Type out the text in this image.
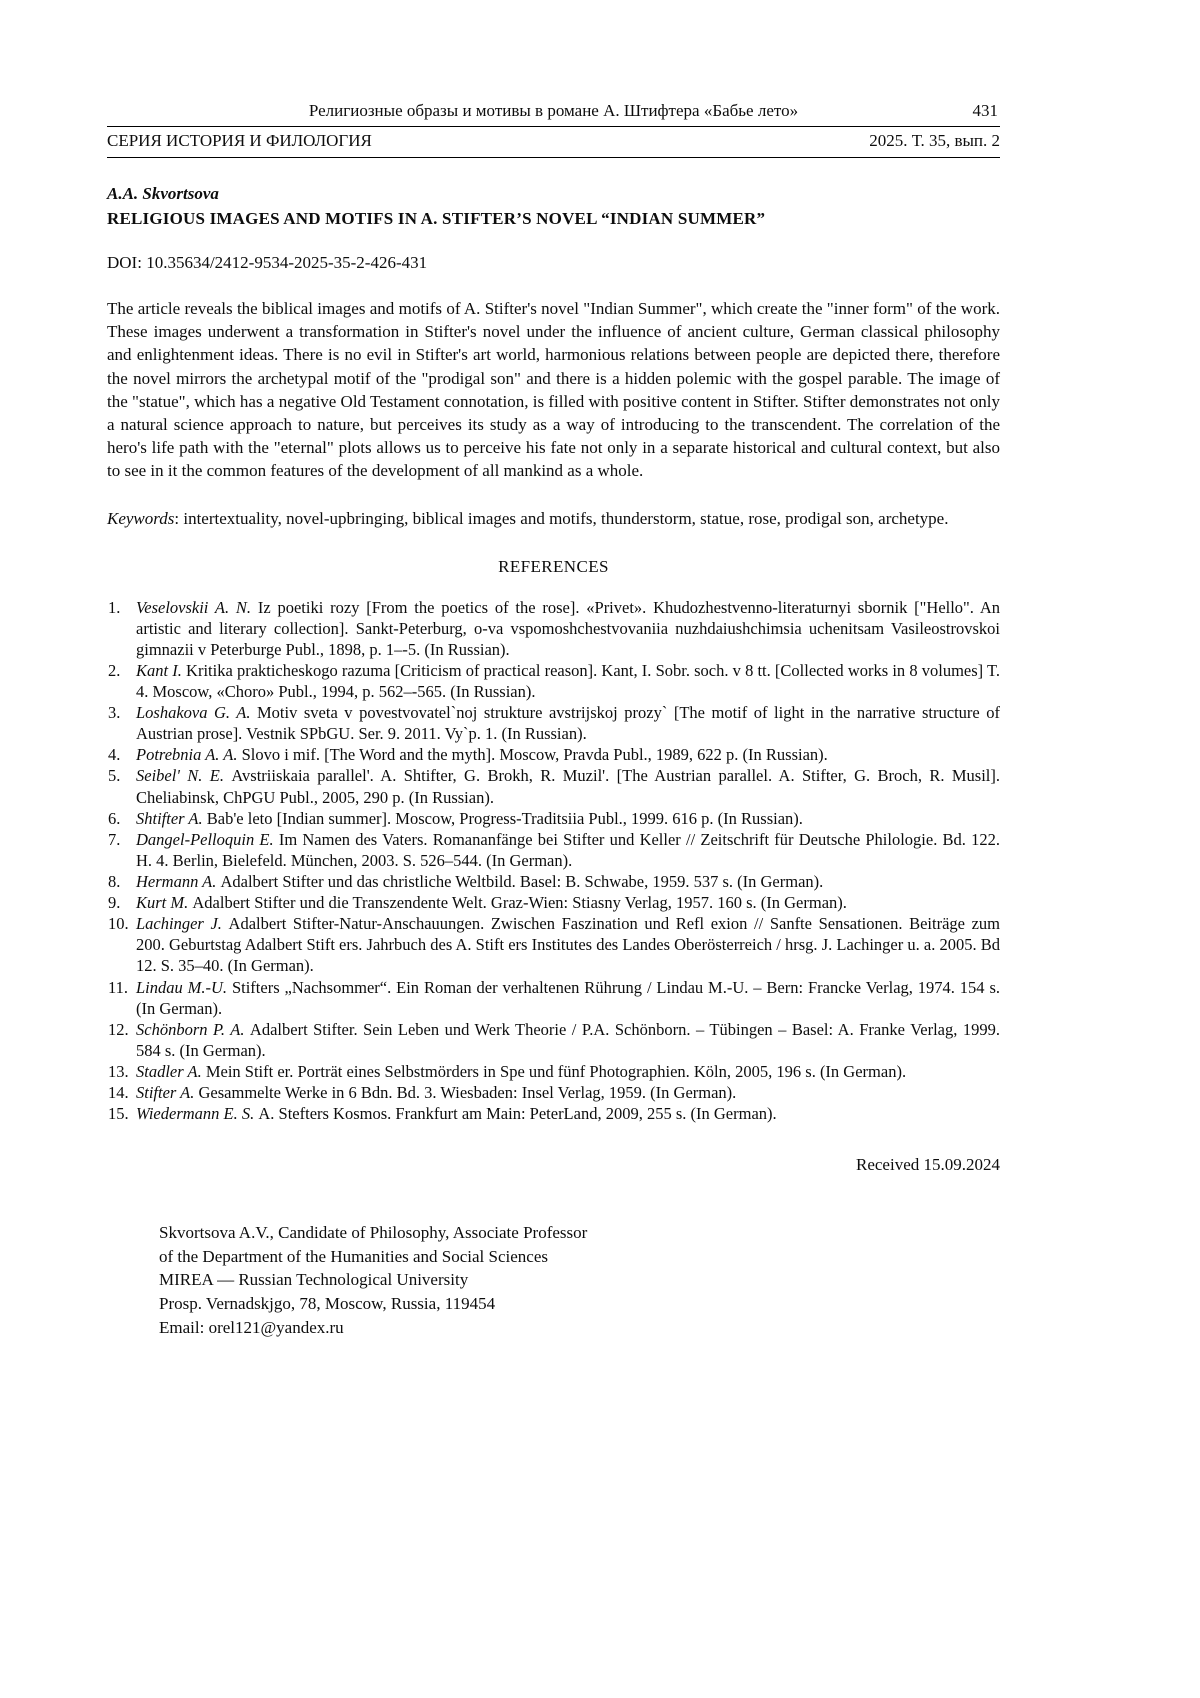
Религиозные образы и мотивы в романе А. Штифтера «Бабье лето»	431
СЕРИЯ ИСТОРИЯ И ФИЛОЛОГИЯ	2025. Т. 35, вып. 2

А.А. Skvortsova

RELIGIOUS IMAGES AND MOTIFS IN A. STIFTER’S NOVEL “INDIAN SUMMER”

DOI: 10.35634/2412-9534-2025-35-2-426-431

The article reveals the biblical images and motifs of A. Stifter's novel "Indian Summer", which create the "inner form" of the work. These images underwent a transformation in Stifter's novel under the influence of ancient culture, German classical philosophy and enlightenment ideas. There is no evil in Stifter's art world, harmonious relations between people are depicted there, therefore the novel mirrors the archetypal motif of the "prodigal son" and there is a hidden polemic with the gospel parable. The image of the "statue", which has a negative Old Testament connotation, is filled with positive content in Stifter. Stifter demonstrates not only a natural science approach to nature, but perceives its study as a way of introducing to the transcendent. The correlation of the hero's life path with the "eternal" plots allows us to perceive his fate not only in a separate historical and cultural context, but also to see in it the common features of the development of all mankind as a whole.

Keywords: intertextuality, novel-upbringing, biblical images and motifs, thunderstorm, statue, rose, prodigal son, archetype.

REFERENCES
Veselovskii A. N. Iz poetiki rozy [From the poetics of the rose]. «Privet». Khudozhestvenno-literaturnyi sbornik ["Hello". An artistic and literary collection]. Sankt-Peterburg, o-va vspomoshchestvovaniia nuzhdaiushchimsia uchenitsam Vasileostrovskoi gimnazii v Peterburge Publ., 1898, p. 1–-5. (In Russian).
Kant I. Kritika prakticheskogo razuma [Criticism of practical reason]. Kant, I. Sobr. soch. v 8 tt. [Collected works in 8 volumes] T. 4. Moscow, «Choro» Publ., 1994, p. 562–-565. (In Russian).
Loshakova G. A. Motiv sveta v povestvovatel`noj strukture avstrijskoj prozy` [The motif of light in the narrative structure of Austrian prose]. Vestnik SPbGU. Ser. 9. 2011. Vy`p. 1. (In Russian).
Potrebnia A. A. Slovo i mif. [The Word and the myth]. Moscow, Pravda Publ., 1989, 622 p. (In Russian).
Seibel' N. E. Avstriiskaia parallel'. A. Shtifter, G. Brokh, R. Muzil'. [The Austrian parallel. A. Stifter, G. Broch, R. Musil]. Cheliabinsk, ChPGU Publ., 2005, 290 p. (In Russian).
Shtifter A. Bab'e leto [Indian summer]. Moscow, Progress-Traditsiia Publ., 1999. 616 p. (In Russian).
Dangel-Pelloquin E. Im Namen des Vaters. Romananfänge bei Stifter und Keller // Zeitschrift für Deutsche Philologie. Bd. 122. H. 4. Berlin, Bielefeld. München, 2003. S. 526–544. (In German).
Hermann A. Adalbert Stifter und das christliche Weltbild. Basel: B. Schwabe, 1959. 537 s. (In German).
Kurt M. Adalbert Stifter und die Transzendente Welt. Graz-Wien: Stiasny Verlag, 1957. 160 s. (In German).
Lachinger J. Adalbert Stifter-Natur-Anschauungen. Zwischen Faszination und Refl exion // Sanfte Sensationen. Beiträge zum 200. Geburtstag Adalbert Stift ers. Jahrbuch des A. Stift ers Institutes des Landes Oberösterreich / hrsg. J. Lachinger u. a. 2005. Bd 12. S. 35–40. (In German).
Lindau M.-U. Stifters „Nachsommer“. Ein Roman der verhaltenen Rührung / Lindau M.-U. – Bern: Francke Verlag, 1974. 154 s. (In German).
Schönborn P. A. Adalbert Stifter. Sein Leben und Werk Theorie / P.A. Schönborn. – Tübingen – Basel: A. Franke Verlag, 1999. 584 s. (In German).
Stadler A. Mein Stift er. Porträt eines Selbstmörders in Spe und fünf Photographien. Köln, 2005, 196 s. (In German).
Stifter A. Gesammelte Werke in 6 Bdn. Bd. 3. Wiesbaden: Insel Verlag, 1959. (In German).
Wiedermann E. S. A. Stefters Kosmos. Frankfurt am Main: PeterLand, 2009, 255 s. (In German).

Received 15.09.2024

Skvortsova A.V., Candidate of Philosophy, Associate Professor
of the Department of the Humanities and Social Sciences
MIREA — Russian Technological University
Prosp. Vernadskjgo, 78, Moscow, Russia, 119454
Email: orel121@yandex.ru
